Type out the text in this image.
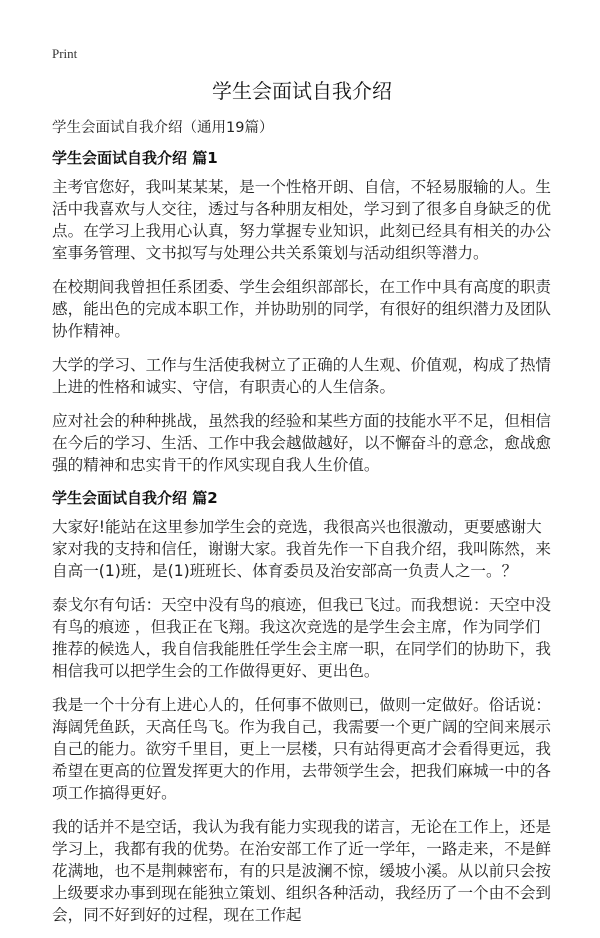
Print
学生会面试自我介绍

学生会面试自我介绍（通用19篇）

学生会面试自我介绍 篇1

主考官您好，我叫某某某，是一个性格开朗、自信，不轻易服输的人。生活中我喜欢与人交往，透过与各种朋友相处，学习到了很多自身缺乏的优点。在学习上我用心认真，努力掌握专业知识，此刻已经具有相关的办公室事务管理、文书拟写与处理公共关系策划与活动组织等潜力。

在校期间我曾担任系团委、学生会组织部部长，在工作中具有高度的职责感，能出色的完成本职工作，并协助别的同学，有很好的组织潜力及团队协作精神。

大学的学习、工作与生活使我树立了正确的人生观、价值观，构成了热情上进的性格和诚实、守信，有职责心的人生信条。

应对社会的种种挑战，虽然我的经验和某些方面的技能水平不足，但相信在今后的学习、生活、工作中我会越做越好，以不懈奋斗的意念，愈战愈强的精神和忠实肯干的作风实现自我人生价值。

学生会面试自我介绍 篇2

大家好!能站在这里参加学生会的竞选，我很高兴也很激动，更要感谢大家对我的支持和信任，谢谢大家。我首先作一下自我介绍，我叫陈然，来自高一(1)班，是(1)班班长、体育委员及治安部高一负责人之一。？

泰戈尔有句话：天空中没有鸟的痕迹，但我已飞过。而我想说：天空中没有鸟的痕迹 ，但我正在飞翔。我这次竞选的是学生会主席，作为同学们推荐的候选人，我自信我能胜任学生会主席一职，在同学们的协助下，我相信我可以把学生会的工作做得更好、更出色。

我是一个十分有上进心人的，任何事不做则已，做则一定做好。俗话说：海阔凭鱼跃，天高任鸟飞。作为我自己，我需要一个更广阔的空间来展示自己的能力。欲穷千里目，更上一层楼，只有站得更高才会看得更远，我希望在更高的位置发挥更大的作用，去带领学生会，把我们麻城一中的各项工作搞得更好。

我的话并不是空话，我认为我有能力实现我的诺言，无论在工作上，还是学习上，我都有我的优势。在治安部工作了近一学年，一路走来，不是鲜花满地，也不是荆棘密布，有的只是波澜不惊，缓坡小溪。从以前只会按上级要求办事到现在能独立策划、组织各种活动，我经历了一个由不会到会，同不好到好的过程，现在工作起
